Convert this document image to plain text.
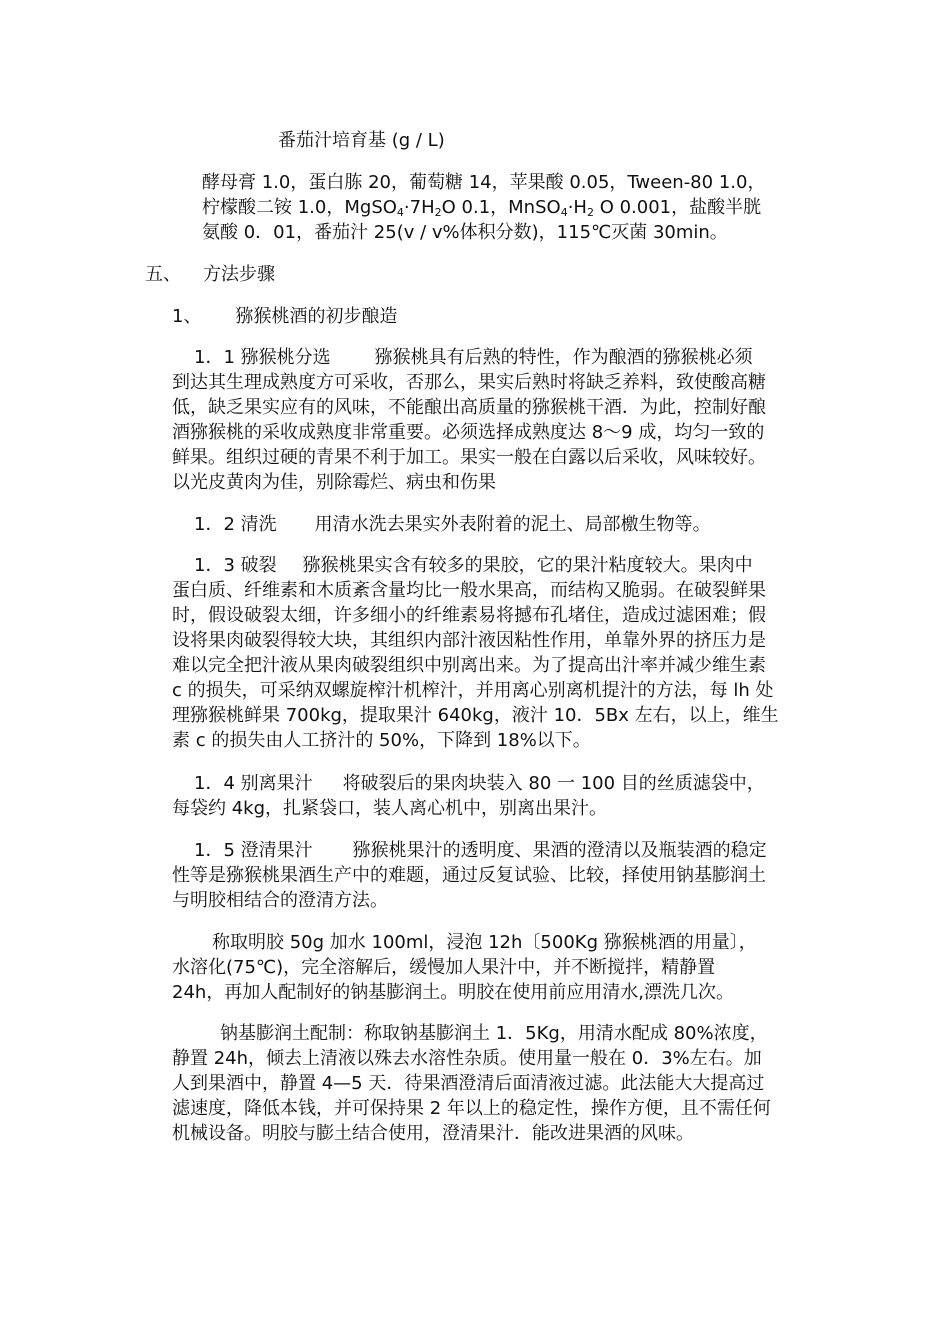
番茄汁培育基 (g / L)
酵母膏 1.0，蛋白胨 20，葡萄糖 14，苹果酸 0.05，Tween-80 1.0，
柠檬酸二铵 1.0，$MgSO_4\cdot 7H_2O$ 0.1，$MnSO_4\cdot H_2$ O 0.001，盐酸半胱
氨酸 0．01，番茄汁 25(v / v%体积分数)，115℃灭菌 30min。
五、 方法步骤
1、 猕猴桃酒的初步酿造
1．1 猕猴桃分选 猕猴桃具有后熟的特性，作为酿酒的猕猴桃必须
到达其生理成熟度方可采收，否那么，果实后熟时将缺乏养料，致使酸高糖
低，缺乏果实应有的风味，不能酿出高质量的猕猴桃干酒．为此，控制好酿
酒猕猴桃的采收成熟度非常重要。必须选择成熟度达 8～9 成，均匀一致的
鲜果。组织过硬的青果不利于加工。果实一般在白露以后采收，风味较好。
以光皮黄肉为佳，别除霉烂、病虫和伤果
1．2 清洗 用清水洗去果实外表附着的泥土、局部檄生物等。
1．3 破裂 猕猴桃果实含有较多的果胶，它的果汁粘度较大。果肉中
蛋白质、纤维素和木质紊含量均比一般水果高，而结构又脆弱。在破裂鲜果
时，假设破裂太细，许多细小的纤维素易将撼布孔堵住，造成过滤困难；假
设将果肉破裂得较大块，其组织内部汁液因粘性作用，单靠外界的挤压力是
难以完全把汁液从果肉破裂组织中别离出来。为了提高出汁率并减少维生素
c 的损失，可采纳双螺旋榨汁机榨汁，并用离心别离机提汁的方法，每 lh 处
理猕猴桃鲜果 700kg，提取果汁 640kg，液汁 10．5Bx 左右，以上，维生
素 c 的损失由人工挤汁的 50%，下降到 18%以下。
1．4 别离果汁 将破裂后的果肉块装入 80 一 100 目的丝质滤袋中，
每袋约 4kg，扎紧袋口，装人离心机中，别离出果汁。
1．5 澄清果汁 猕猴桃果汁的透明度、果酒的澄清以及瓶装酒的稳定
性等是猕猴桃果酒生产中的难题，通过反复试验、比较，择使用钠基膨润土
与明胶相结合的澄清方法。
称取明胶 50g 加水 100ml，浸泡 12h〔500Kg 猕猴桃酒的用量〕，
水溶化(75℃)，完全溶解后，缓慢加人果汁中，并不断搅拌，精静置
24h，再加人配制好的钠基膨润土。明胶在使用前应用清水,漂洗几次。
钠基膨润土配制：称取钠基膨润土 1．5Kg，用清水配成 80%浓度，
静置 24h，倾去上清液以殊去水溶性杂质。使用量一般在 0．3%左右。加
人到果酒中，静置 4—5 天．待果酒澄清后面清液过滤。此法能大大提高过
滤速度，降低本钱，并可保持果 2 年以上的稳定性，操作方便，且不需任何
机械设备。明胶与膨土结合使用，澄清果汁．能改进果酒的风味。
